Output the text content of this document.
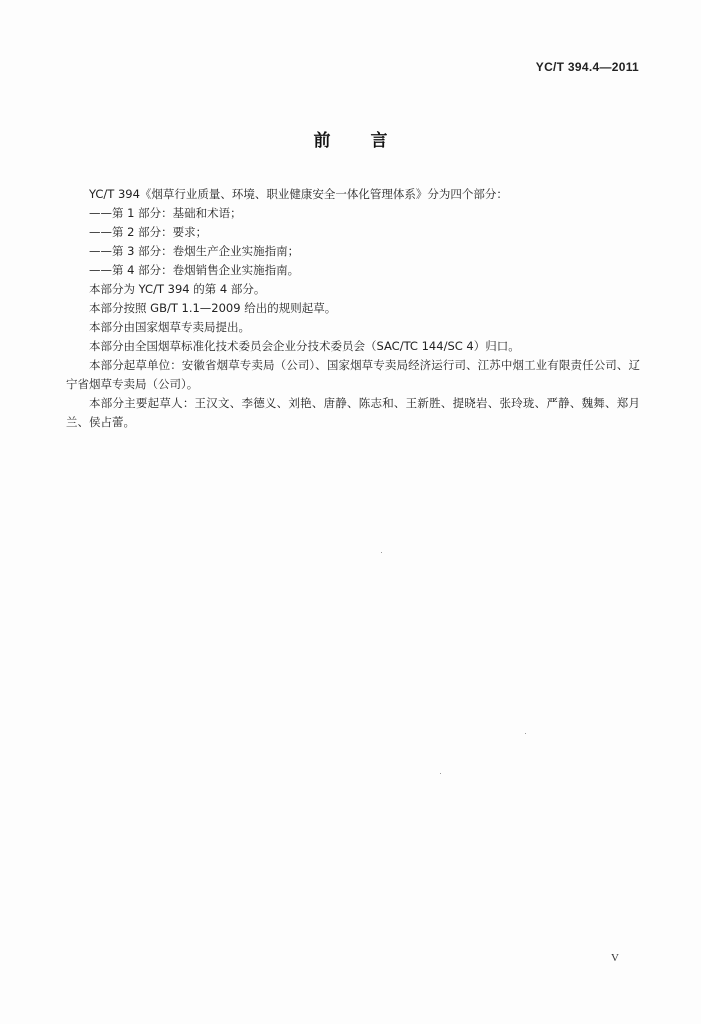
YC/T 394.4—2011
前言

YC/T 394《烟草行业质量、环境、职业健康安全一体化管理体系》分为四个部分：

——第 1 部分：基础和术语；

——第 2 部分：要求；

——第 3 部分：卷烟生产企业实施指南；

——第 4 部分：卷烟销售企业实施指南。

本部分为 YC/T 394 的第 4 部分。

本部分按照 GB/T 1.1—2009 给出的规则起草。

本部分由国家烟草专卖局提出。

本部分由全国烟草标准化技术委员会企业分技术委员会（SAC/TC 144/SC 4）归口。

本部分起草单位：安徽省烟草专卖局（公司）、国家烟草专卖局经济运行司、江苏中烟工业有限责任公司、辽宁省烟草专卖局（公司）。

本部分主要起草人：王汉文、李德义、刘艳、唐静、陈志和、王新胜、提晓岩、张玲珑、严静、魏舞、郑月兰、侯占蕾。

V
